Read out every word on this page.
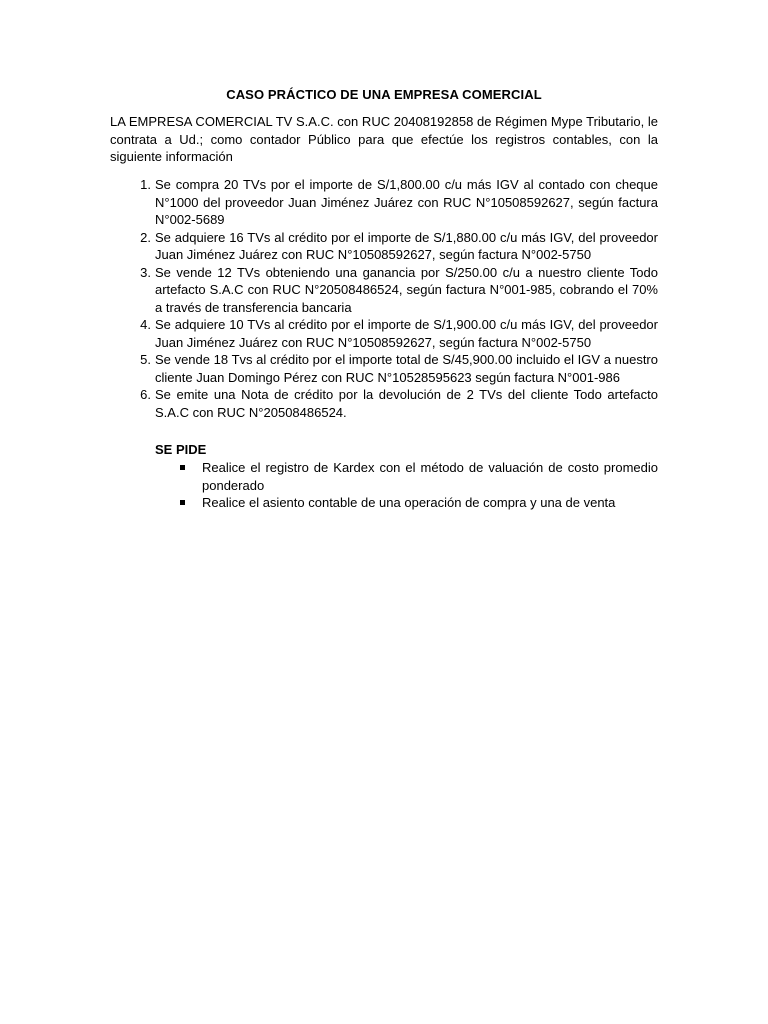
CASO PRÁCTICO DE UNA EMPRESA COMERCIAL
LA EMPRESA COMERCIAL TV S.A.C. con RUC 20408192858 de Régimen Mype Tributario, le contrata a Ud.; como contador Público para que efectúe los registros contables, con la siguiente información
1. Se compra 20 TVs por el importe de S/1,800.00 c/u más IGV al contado con cheque N°1000 del proveedor Juan Jiménez Juárez con RUC N°10508592627, según factura N°002-5689
2. Se adquiere 16 TVs al crédito por el importe de S/1,880.00 c/u más IGV, del proveedor Juan Jiménez Juárez con RUC N°10508592627, según factura N°002-5750
3. Se vende 12 TVs obteniendo una ganancia por S/250.00 c/u a nuestro cliente Todo artefacto S.A.C con RUC N°20508486524, según factura N°001-985, cobrando el 70% a través de transferencia bancaria
4. Se adquiere 10 TVs al crédito por el importe de S/1,900.00 c/u más IGV, del proveedor Juan Jiménez Juárez con RUC N°10508592627, según factura N°002-5750
5. Se vende 18 Tvs al crédito por el importe total de S/45,900.00 incluido el IGV a nuestro cliente Juan Domingo Pérez con RUC N°10528595623 según factura N°001-986
6. Se emite una Nota de crédito por la devolución de 2 TVs del cliente Todo artefacto S.A.C con RUC N°20508486524.
SE PIDE
Realice el registro de Kardex con el método de valuación de costo promedio ponderado
Realice el asiento contable de una operación de compra y una de venta
